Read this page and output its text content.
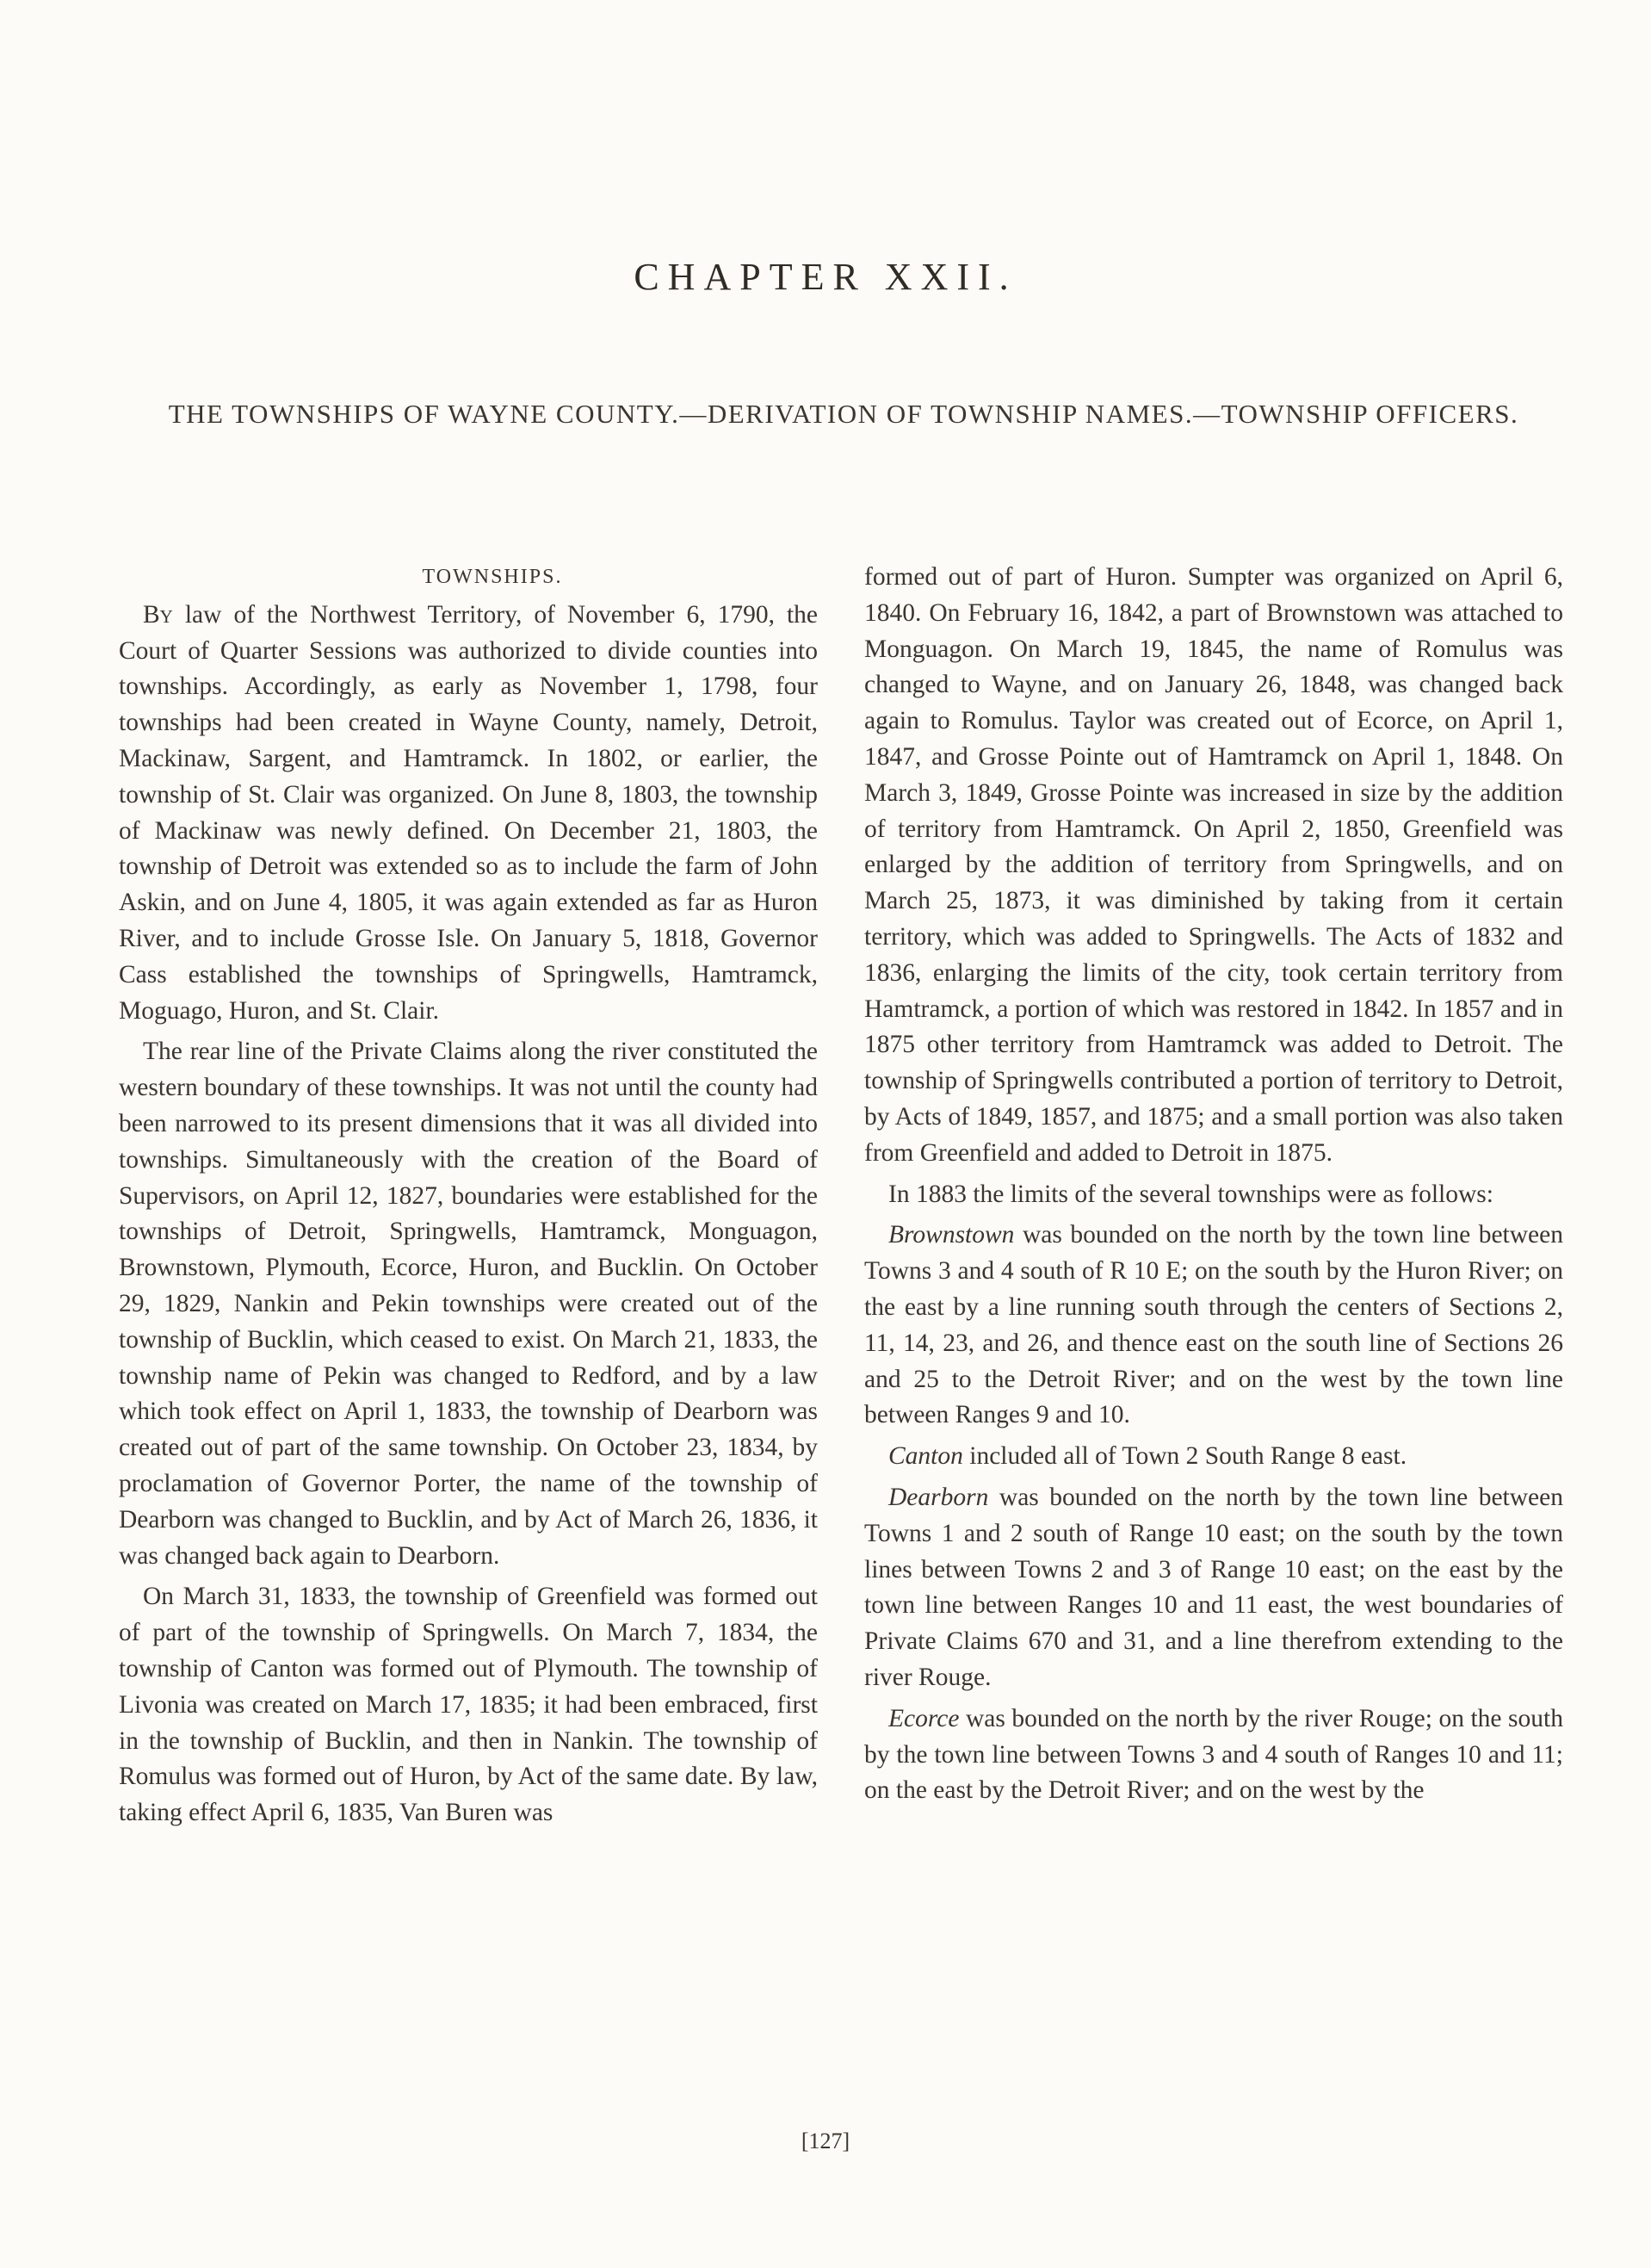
CHAPTER XXII.

THE TOWNSHIPS OF WAYNE COUNTY.—DERIVATION OF TOWNSHIP NAMES.—TOWNSHIP OFFICERS.

TOWNSHIPS.

By law of the Northwest Territory, of November 6, 1790, the Court of Quarter Sessions was authorized to divide counties into townships. Accordingly, as early as November 1, 1798, four townships had been created in Wayne County, namely, Detroit, Mackinaw, Sargent, and Hamtramck. In 1802, or earlier, the township of St. Clair was organized. On June 8, 1803, the township of Mackinaw was newly defined. On December 21, 1803, the township of Detroit was extended so as to include the farm of John Askin, and on June 4, 1805, it was again extended as far as Huron River, and to include Grosse Isle. On January 5, 1818, Governor Cass established the townships of Springwells, Hamtramck, Moguago, Huron, and St. Clair.

The rear line of the Private Claims along the river constituted the western boundary of these townships. It was not until the county had been narrowed to its present dimensions that it was all divided into townships. Simultaneously with the creation of the Board of Supervisors, on April 12, 1827, boundaries were established for the townships of Detroit, Springwells, Hamtramck, Monguagon, Brownstown, Plymouth, Ecorce, Huron, and Bucklin. On October 29, 1829, Nankin and Pekin townships were created out of the township of Bucklin, which ceased to exist. On March 21, 1833, the township name of Pekin was changed to Redford, and by a law which took effect on April 1, 1833, the township of Dearborn was created out of part of the same township. On October 23, 1834, by proclamation of Governor Porter, the name of the township of Dearborn was changed to Bucklin, and by Act of March 26, 1836, it was changed back again to Dearborn.

On March 31, 1833, the township of Greenfield was formed out of part of the township of Springwells. On March 7, 1834, the township of Canton was formed out of Plymouth. The township of Livonia was created on March 17, 1835; it had been embraced, first in the township of Bucklin, and then in Nankin. The township of Romulus was formed out of Huron, by Act of the same date. By law, taking effect April 6, 1835, Van Buren was

formed out of part of Huron. Sumpter was organized on April 6, 1840. On February 16, 1842, a part of Brownstown was attached to Monguagon. On March 19, 1845, the name of Romulus was changed to Wayne, and on January 26, 1848, was changed back again to Romulus. Taylor was created out of Ecorce, on April 1, 1847, and Grosse Pointe out of Hamtramck on April 1, 1848. On March 3, 1849, Grosse Pointe was increased in size by the addition of territory from Hamtramck. On April 2, 1850, Greenfield was enlarged by the addition of territory from Springwells, and on March 25, 1873, it was diminished by taking from it certain territory, which was added to Springwells. The Acts of 1832 and 1836, enlarging the limits of the city, took certain territory from Hamtramck, a portion of which was restored in 1842. In 1857 and in 1875 other territory from Hamtramck was added to Detroit. The township of Springwells contributed a portion of territory to Detroit, by Acts of 1849, 1857, and 1875; and a small portion was also taken from Greenfield and added to Detroit in 1875.

In 1883 the limits of the several townships were as follows:

Brownstown was bounded on the north by the town line between Towns 3 and 4 south of R 10 E; on the south by the Huron River; on the east by a line running south through the centers of Sections 2, 11, 14, 23, and 26, and thence east on the south line of Sections 26 and 25 to the Detroit River; and on the west by the town line between Ranges 9 and 10.

Canton included all of Town 2 South Range 8 east.

Dearborn was bounded on the north by the town line between Towns 1 and 2 south of Range 10 east; on the south by the town lines between Towns 2 and 3 of Range 10 east; on the east by the town line between Ranges 10 and 11 east, the west boundaries of Private Claims 670 and 31, and a line therefrom extending to the river Rouge.

Ecorce was bounded on the north by the river Rouge; on the south by the town line between Towns 3 and 4 south of Ranges 10 and 11; on the east by the Detroit River; and on the west by the

[127]
